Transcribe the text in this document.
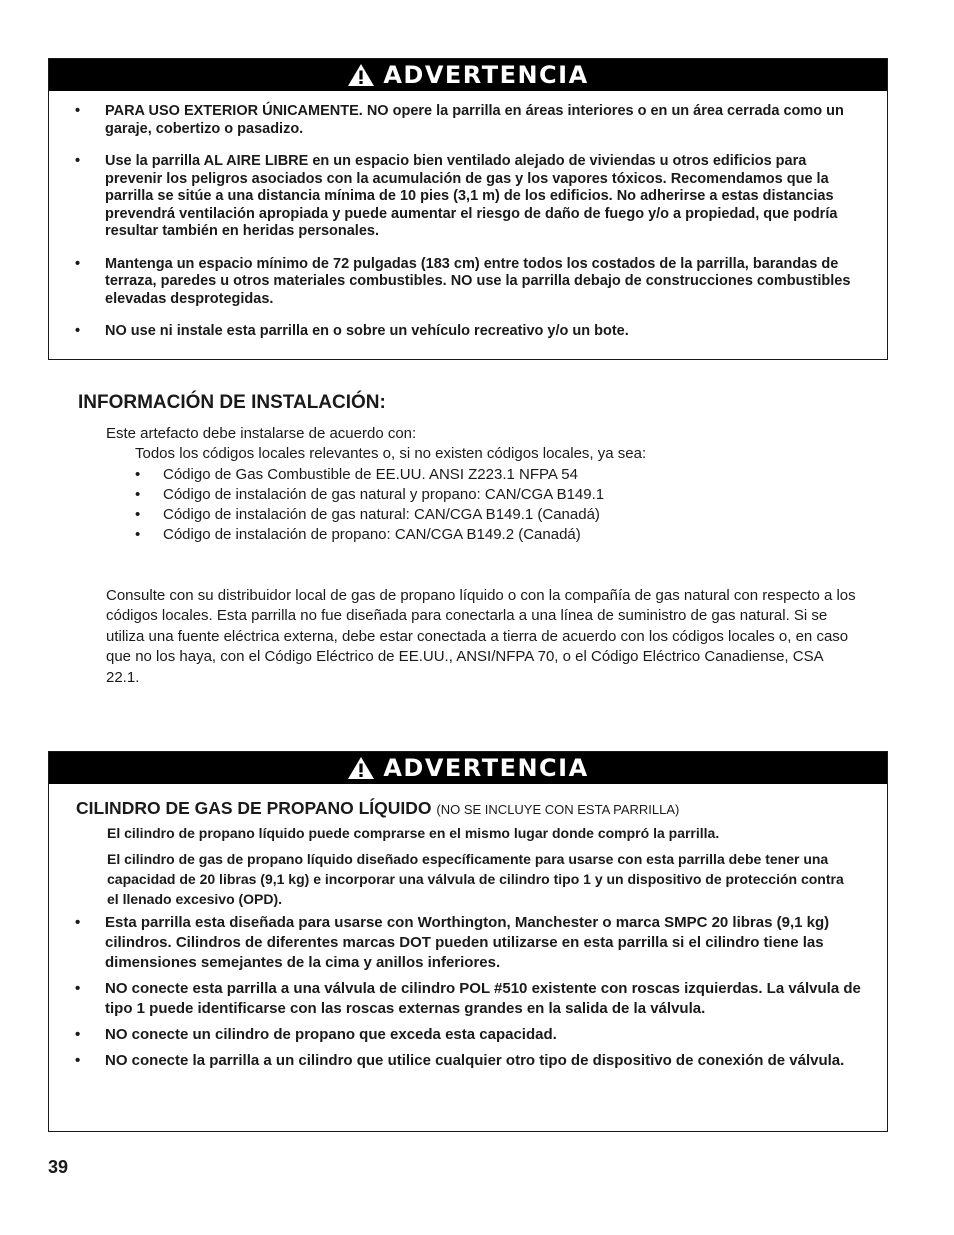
ADVERTENCIA
• PARA USO EXTERIOR ÚNICAMENTE. NO opere la parrilla en áreas interiores o en un área cerrada como un garaje, cobertizo o pasadizo.
• Use la parrilla AL AIRE LIBRE en un espacio bien ventilado alejado de viviendas u otros edificios para prevenir los peligros asociados con la acumulación de gas y los vapores tóxicos. Recomendamos que la parrilla se sitúe a una distancia mínima de 10 pies (3,1 m) de los edificios. No adherirse a estas distancias prevendrá ventilación apropiada y puede aumentar el riesgo de daño de fuego y/o a propiedad, que podría resultar también en heridas personales.
• Mantenga un espacio mínimo de 72 pulgadas (183 cm) entre todos los costados de la parrilla, barandas de terraza, paredes u otros materiales combustibles. NO use la parrilla debajo de construcciones combustibles elevadas desprotegidas.
• NO use ni instale esta parrilla en o sobre un vehículo recreativo y/o un bote.
INFORMACIÓN DE INSTALACIÓN:
Este artefacto debe instalarse de acuerdo con:
Todos los códigos locales relevantes o, si no existen códigos locales, ya sea:
• Código de Gas Combustible de EE.UU. ANSI Z223.1 NFPA 54
• Código de instalación de gas natural y propano: CAN/CGA B149.1
• Código de instalación de gas natural: CAN/CGA B149.1 (Canadá)
• Código de instalación de propano: CAN/CGA B149.2 (Canadá)

Consulte con su distribuidor local de gas de propano líquido o con la compañía de gas natural con respecto a los códigos locales. Esta parrilla no fue diseñada para conectarla a una línea de suministro de gas natural. Si se utiliza una fuente eléctrica externa, debe estar conectada a tierra de acuerdo con los códigos locales o, en caso que no los haya, con el Código Eléctrico de EE.UU., ANSI/NFPA 70, o el Código Eléctrico Canadiense, CSA 22.1.

ADVERTENCIA
CILINDRO DE GAS DE PROPANO LÍQUIDO (NO SE INCLUYE CON ESTA PARRILLA)
El cilindro de propano líquido puede comprarse en el mismo lugar donde compró la parrilla.
El cilindro de gas de propano líquido diseñado específicamente para usarse con esta parrilla debe tener una capacidad de 20 libras (9,1 kg) e incorporar una válvula de cilindro tipo 1 y un dispositivo de protección contra el llenado excesivo (OPD).
• Esta parrilla esta diseñada para usarse con Worthington, Manchester o marca SMPC 20 libras (9,1 kg) cilindros. Cilindros de diferentes marcas DOT pueden utilizarse en esta parrilla si el cilindro tiene las dimensiones semejantes de la cima y anillos inferiores.
• NO conecte esta parrilla a una válvula de cilindro POL #510 existente con roscas izquierdas. La válvula de tipo 1 puede identificarse con las roscas externas grandes en la salida de la válvula.
• NO conecte un cilindro de propano que exceda esta capacidad.
• NO conecte la parrilla a un cilindro que utilice cualquier otro tipo de dispositivo de conexión de válvula.
39
